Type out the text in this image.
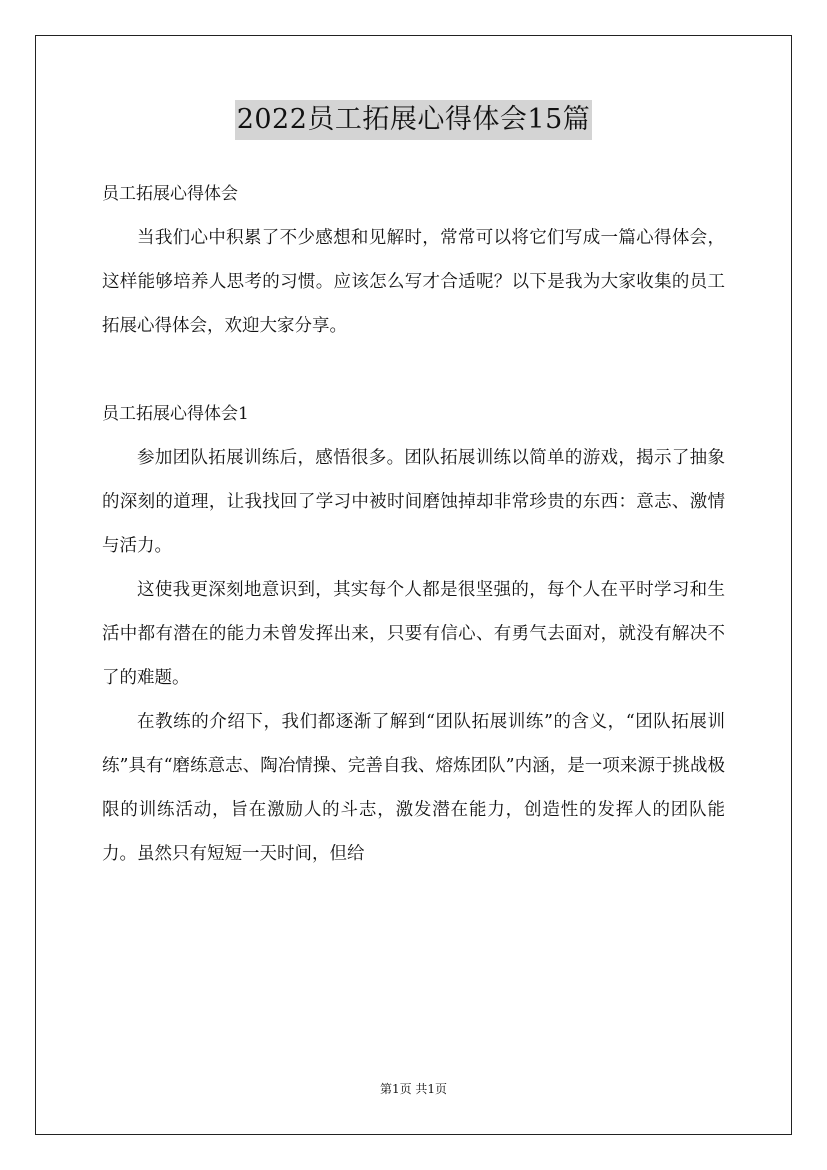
2022员工拓展心得体会15篇

员工拓展心得体会

当我们心中积累了不少感想和见解时，常常可以将它们写成一篇心得体会，这样能够培养人思考的习惯。应该怎么写才合适呢？以下是我为大家收集的员工拓展心得体会，欢迎大家分享。

员工拓展心得体会1

参加团队拓展训练后，感悟很多。团队拓展训练以简单的游戏，揭示了抽象的深刻的道理，让我找回了学习中被时间磨蚀掉却非常珍贵的东西：意志、激情与活力。

这使我更深刻地意识到，其实每个人都是很坚强的，每个人在平时学习和生活中都有潜在的能力未曾发挥出来，只要有信心、有勇气去面对，就没有解决不了的难题。

在教练的介绍下，我们都逐渐了解到“团队拓展训练”的含义，“团队拓展训练”具有“磨练意志、陶冶情操、完善自我、熔炼团队”内涵，是一项来源于挑战极限的训练活动，旨在激励人的斗志，激发潜在能力，创造性的发挥人的团队能力。虽然只有短短一天时间，但给

第1页 共1页
